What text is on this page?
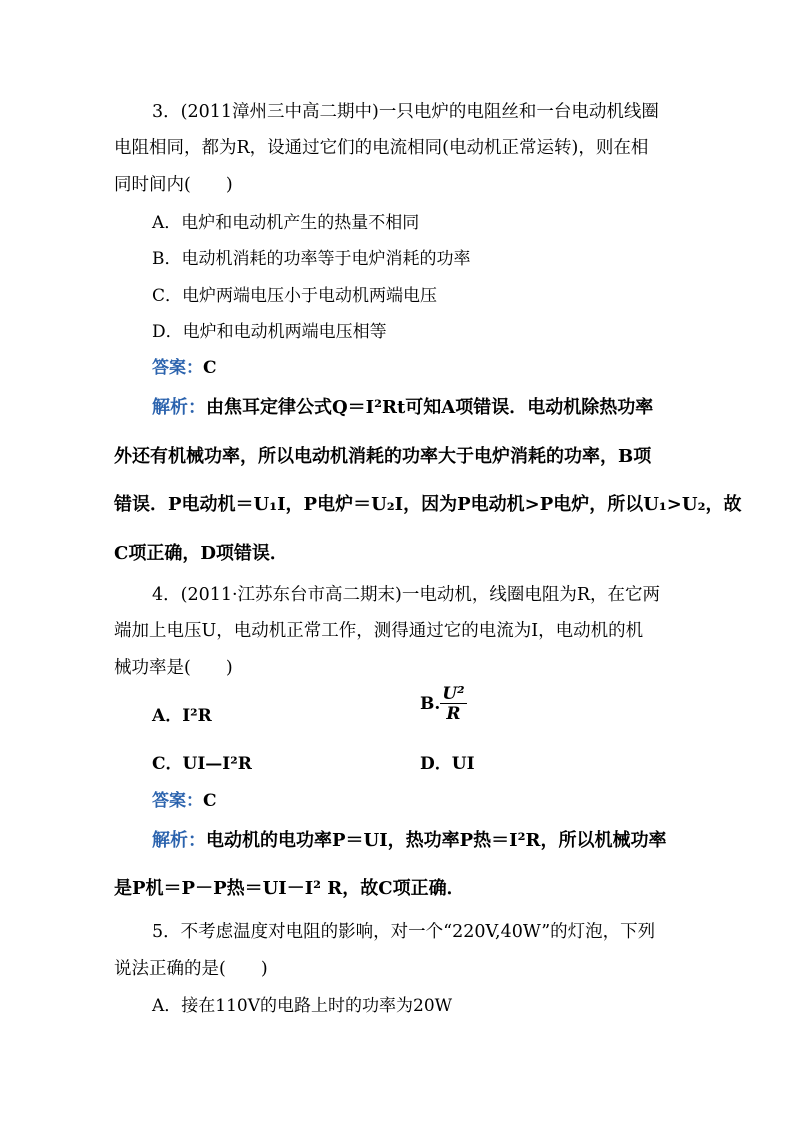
3．(2011漳州三中高二期中)一只电炉的电阻丝和一台电动机线圈
电阻相同，都为R，设通过它们的电流相同(电动机正常运转)，则在相
同时间内(　　)
A．电炉和电动机产生的热量不相同
B．电动机消耗的功率等于电炉消耗的功率
C．电炉两端电压小于电动机两端电压
D．电炉和电动机两端电压相等
答案：C
解析：由焦耳定律公式Q＝I²Rt可知A项错误．电动机除热功率
外还有机械功率，所以电动机消耗的功率大于电炉消耗的功率，B项
错误．P电动机＝U₁I，P电炉＝U₂I，因为P电动机>P电炉，所以U₁>U₂，故
C项正确，D项错误．
4．(2011·江苏东台市高二期末)一电动机，线圈电阻为R，在它两
端加上电压U，电动机正常工作，测得通过它的电流为I，电动机的机
械功率是(　　)
A．I²R
B. $\frac{\text{U²}}{R}$
C．UI—I²R	D．UI
答案：C
解析：电动机的电功率P＝UI，热功率P热＝I²R，所以机械功率
是P机＝P－P热＝UI－I² R，故C项正确．
5．不考虑温度对电阻的影响，对一个“220V,40W”的灯泡，下列
说法正确的是(　　)
A．接在110V的电路上时的功率为20W
